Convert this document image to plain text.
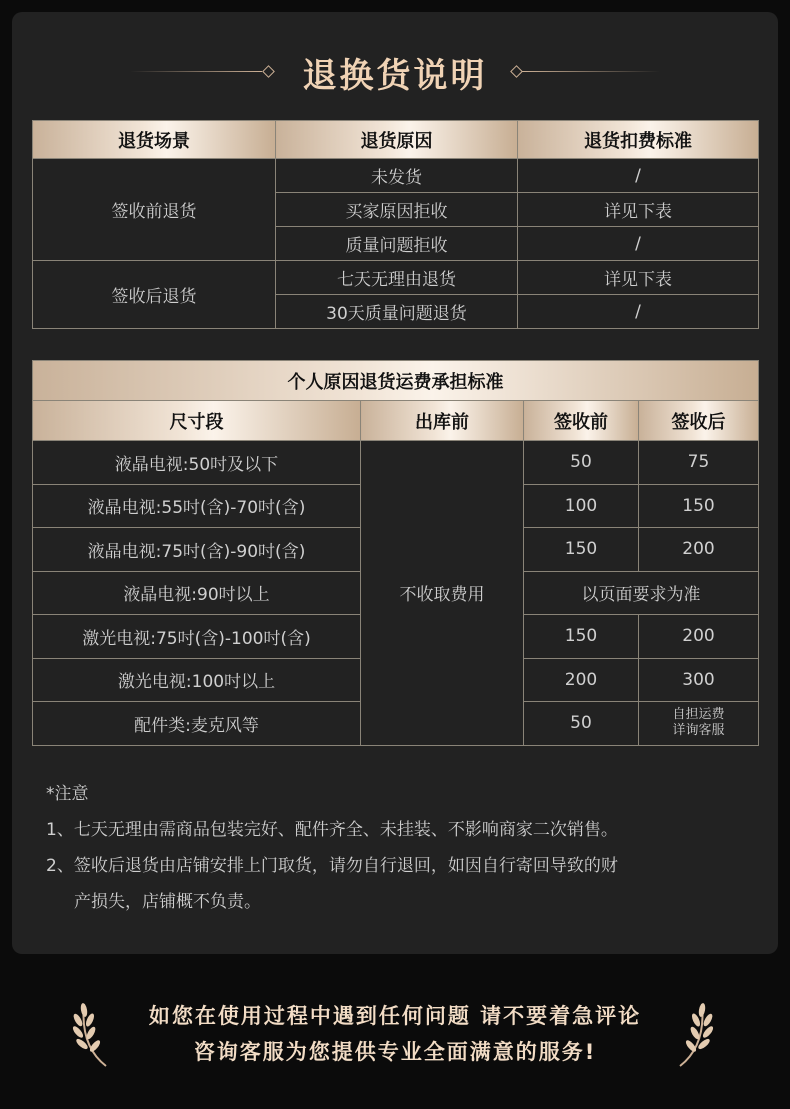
退换货说明
退货场景	退货原因	退货扣费标准
签收前退货	未发货	/
	买家原因拒收	详见下表
	质量问题拒收	/
签收后退货	七天无理由退货	详见下表
	30天质量问题退货	/
个人原因退货运费承担标准			
尺寸段	出库前	签收前	签收后
液晶电视:50吋及以下	不收取费用	50	75
液晶电视:55吋(含)-70吋(含)		100	150
液晶电视:75吋(含)-90吋(含)		150	200
液晶电视:90吋以上		以页面要求为准	
激光电视:75吋(含)-100吋(含)		150	200
激光电视:100吋以上		200	300
配件类:麦克风等		50	自担运费
详询客服
*注意
1、七天无理由需商品包装完好、配件齐全、未挂装、不影响商家二次销售。
2、签收后退货由店铺安排上门取货，请勿自行退回，如因自行寄回导致的财
产损失，店铺概不负责。
如您在使用过程中遇到任何问题 请不要着急评论
咨询客服为您提供专业全面满意的服务!
